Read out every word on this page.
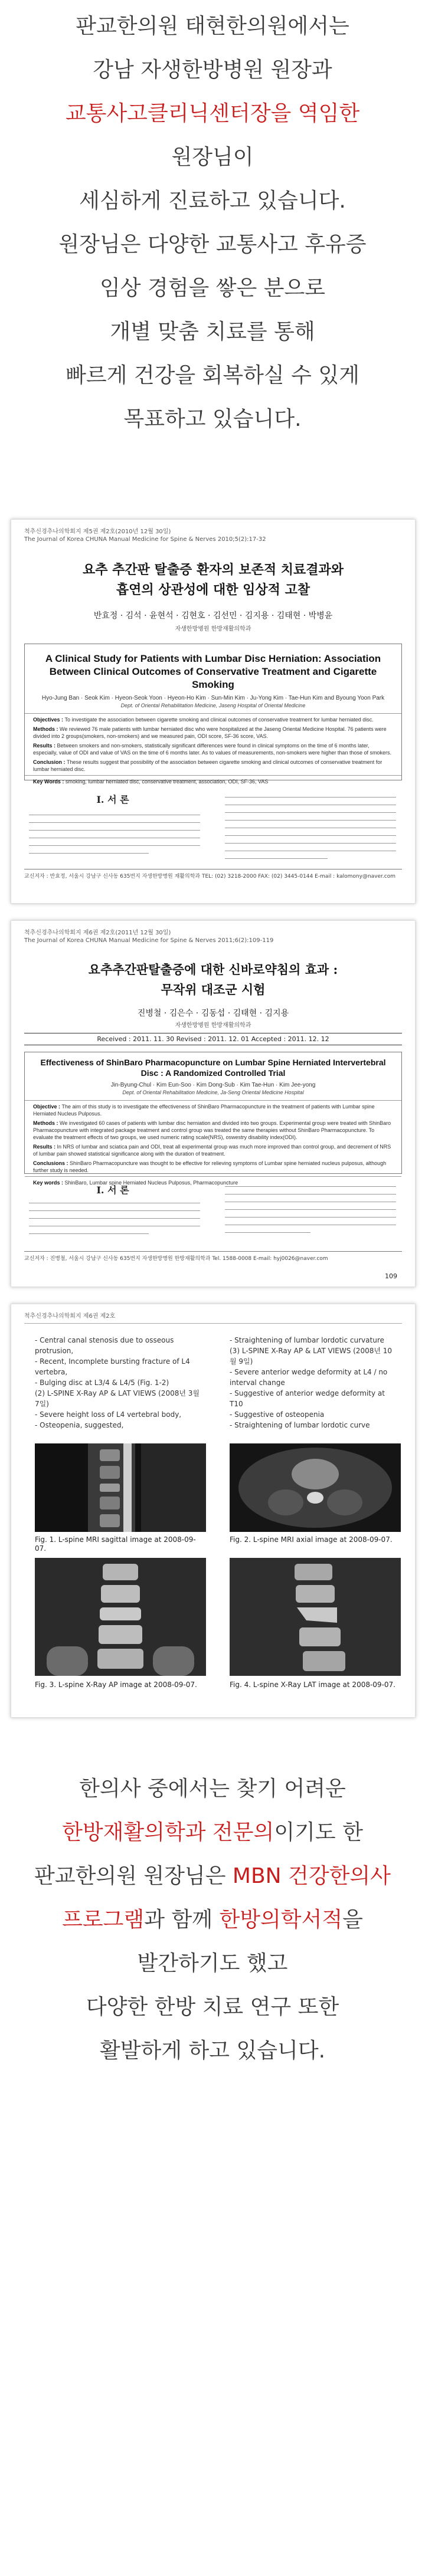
판교한의원 태현한의원에서는
강남 자생한방병원 원장과
교통사고클리닉센터장을 역임한
원장님이
세심하게 진료하고 있습니다.
원장님은 다양한 교통사고 후유증
임상 경험을 쌓은 분으로
개별 맞춤 치료를 통해
빠르게 건강을 회복하실 수 있게
목표하고 있습니다.
척추신경추나의학회지 제5권 제2호(2010년 12월 30일)
The Journal of Korea CHUNA Manual Medicine for Spine & Nerves 2010;5(2):17-32
요추 추간판 탈출증 환자의 보존적 치료결과와
흡연의 상관성에 대한 임상적 고찰
반효정 · 김석 · 윤현석 · 김현호 · 김선민 · 김지용 · 김태현 · 박병윤
자생한방병원 한방재활의학과
A Clinical Study for Patients with Lumbar Disc Herniation: Association Between Clinical Outcomes of Conservative Treatment and Cigarette Smoking
Hyo-Jung Ban · Seok Kim · Hyeon-Seok Yoon · Hyeon-Ho Kim · Sun-Min Kim · Ju-Yong Kim · Tae-Hun Kim and Byoung Yoon Park
Dept. of Oriental Rehabilitation Medicine, Jaseng Hospital of Oriental Medicine
Objectives : To investigate the association between cigarette smoking and clinical outcomes of conservative treatment for lumbar herniated disc.
Methods : We reviewed 76 male patients with lumbar herniated disc who were hospitalized at the Jaseng Oriental Medicine Hospital. 76 patients were divided into 2 groups(smokers, non-smokers) and we measured pain, ODI score, SF-36 score, VAS.
Results : Between smokers and non-smokers, statistically significant differences were found in clinical symptoms on the time of 6 months later, especially, value of ODI and value of VAS on the time of 6 months later. As to values of measurements, non-smokers were higher than those of smokers.
Conclusion : These results suggest that possibility of the association between cigarette smoking and clinical outcomes of conservative treatment for lumbar herniated disc.
Key Words : smoking, lumbar herniated disc, conservative treatment, association, ODI, SF-36, VAS
Ⅰ. 서 론
교신저자 : 반효정, 서울시 강남구 신사동 635번지 자생한방병원 재활의학과 TEL: (02) 3218-2000 FAX: (02) 3445-0144 E-mail : kalomony@naver.com
척추신경추나의학회지 제6권 제2호(2011년 12월 30일)
The Journal of Korea CHUNA Manual Medicine for Spine & Nerves 2011;6(2):109-119
요추추간판탈출증에 대한 신바로약침의 효과 :
무작위 대조군 시험
진병철 · 김은수 · 김동섭 · 김태현 · 김지용
자생한방병원 한방재활의학과
Received : 2011. 11. 30 Revised : 2011. 12. 01 Accepted : 2011. 12. 12
Effectiveness of ShinBaro Pharmacopuncture on Lumbar Spine Herniated Intervertebral Disc : A Randomized Controlled Trial
Jin-Byung-Chul · Kim Eun-Soo · Kim Dong-Sub · Kim Tae-Hun · Kim Jee-yong
Dept. of Oriental Rehabilitation Medicine, Ja-Seng Oriental Medicine Hospital
Objective : The aim of this study is to investigate the effectiveness of ShinBaro Pharmacopuncture in the treatment of patients with Lumbar spine Herniated Nucleus Pulposus.
Methods : We investigated 60 cases of patients with lumbar disc herniation and divided into two groups. Experimental group were treated with ShinBaro Pharmacopuncture with integrated package treatment and control group was treated the same therapies without ShinBaro Pharmacopuncture. To evaluate the treatment effects of two groups, we used numeric rating scale(NRS), oswestry disability index(ODI).
Results : In NRS of lumbar and sciatica pain and ODI, treat all experimental group was much more improved than control group, and decrement of NRS of lumbar pain showed statistical significance along with the duration of treatment.
Conclusions : ShinBaro Pharmacopuncture was thought to be effective for relieving symptoms of Lumbar spine herniated nucleus pulposus, although further study is needed.
Key words : ShinBaro, Lumbar spine Herniated Nucleus Pulposus, Pharmacopuncture
Ⅰ. 서 론
교신저자 : 진병철, 서울시 강남구 신사동 635번지 자생한방병원 한방재활의학과 Tel. 1588-0008 E-mail: hyj0026@naver.com
109
척추신경추나의학회지 제6권 제2호
- Central canal stenosis due to osseous protrusion,
- Recent, Incomplete bursting fracture of L4 vertebra,
- Bulging disc at L3/4 & L4/5 (Fig. 1-2)
(2) L-SPINE X-Ray AP & LAT VIEWS (2008년 3월 7일)
- Severe height loss of L4 vertebral body,
- Osteopenia, suggested,
- Straightening of lumbar lordotic curvature
(3) L-SPINE X-Ray AP & LAT VIEWS (2008년 10월 9일)
- Severe anterior wedge deformity at L4 / no interval change
- Suggestive of anterior wedge deformity at T10
- Suggestive of osteopenia
- Straightening of lumbar lordotic curve
Fig. 1. L-spine MRI sagittal image at 2008-09-07.
Fig. 2. L-spine MRI axial image at 2008-09-07.
Fig. 3. L-spine X-Ray AP image at 2008-09-07.	Fig. 4. L-spine X-Ray LAT image at 2008-09-07.
한의사 중에서는 찾기 어려운
한방재활의학과 전문의이기도 한
판교한의원 원장님은 MBN 건강한의사
프로그램과 함께 한방의학서적을
발간하기도 했고
다양한 한방 치료 연구 또한
활발하게 하고 있습니다.
